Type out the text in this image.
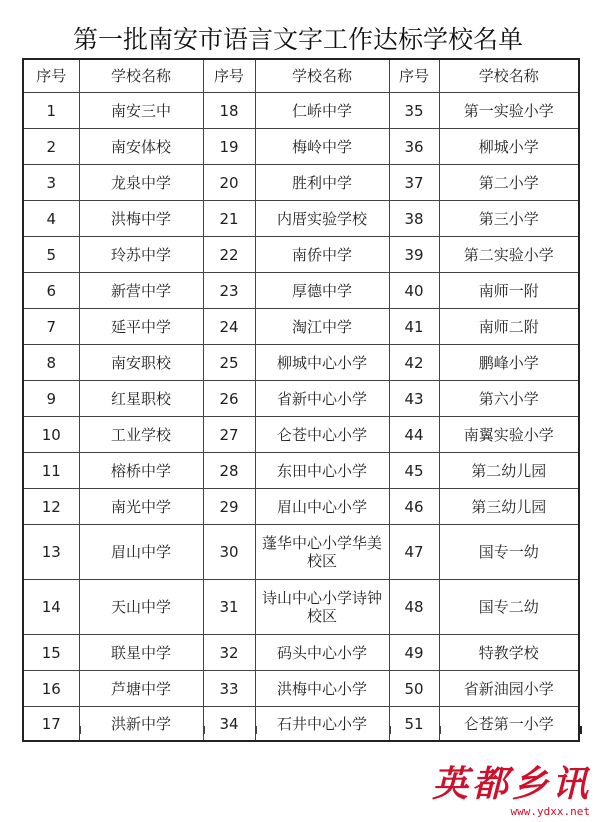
第一批南安市语言文字工作达标学校名单
序号	学校名称	序号	学校名称	序号	学校名称
1	南安三中	18	仁峤中学	35	第一实验小学
2	南安体校	19	梅岭中学	36	柳城小学
3	龙泉中学	20	胜利中学	37	第二小学
4	洪梅中学	21	内厝实验学校	38	第三小学
5	玲苏中学	22	南侨中学	39	第二实验小学
6	新营中学	23	厚德中学	40	南师一附
7	延平中学	24	淘江中学	41	南师二附
8	南安职校	25	柳城中心小学	42	鹏峰小学
9	红星职校	26	省新中心小学	43	第六小学
10	工业学校	27	仑苍中心小学	44	南翼实验小学
11	榕桥中学	28	东田中心小学	45	第二幼儿园
12	南光中学	29	眉山中心小学	46	第三幼儿园
13	眉山中学	30	蓬华中心小学华美校区	47	国专一幼
14	天山中学	31	诗山中心小学诗钟校区	48	国专二幼
15	联星中学	32	码头中心小学	49	特教学校
16	芦塘中学	33	洪梅中心小学	50	省新油园小学
17	洪新中学	34	石井中心小学	51	仑苍第一小学
英都乡讯
www.ydxx.net
